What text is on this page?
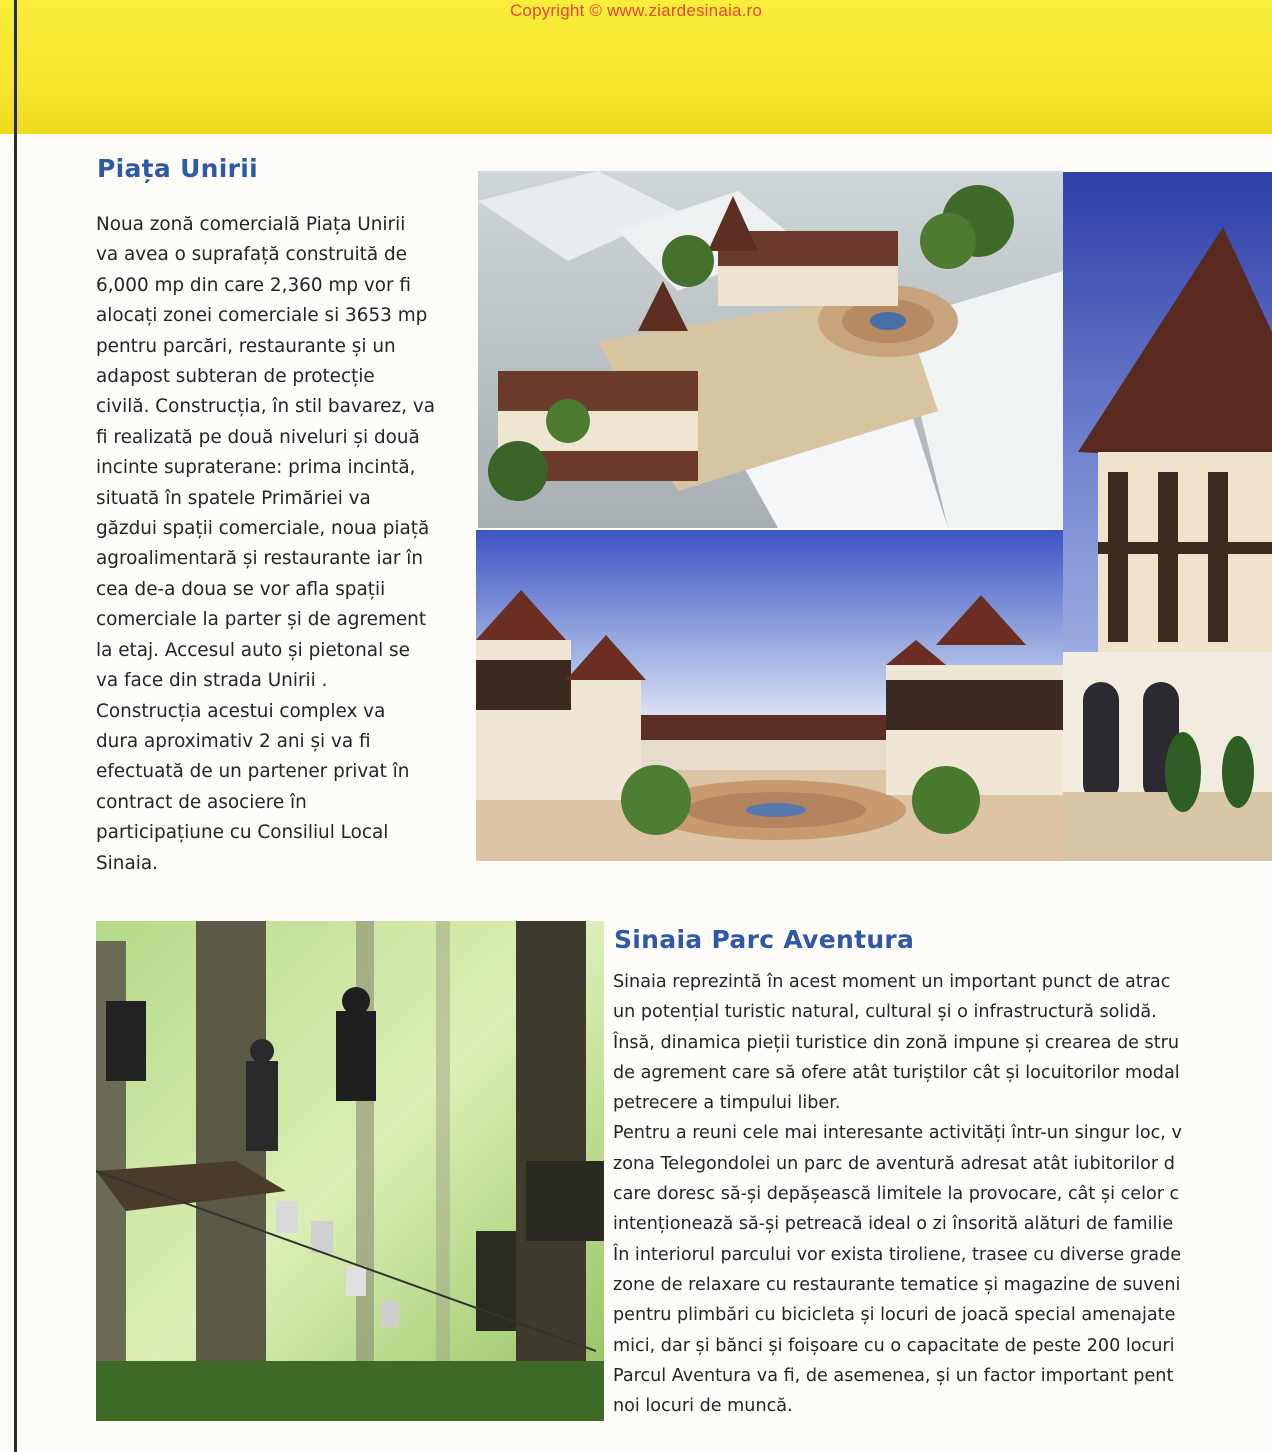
Copyright © www.ziardesinaia.ro
Piața Unirii

Noua zonă comercială Piața Unirii

va avea o suprafață construită de

6,000 mp din care 2,360 mp vor fi

alocați zonei comerciale si 3653 mp

pentru parcări, restaurante și un

adapost subteran de protecție

civilă. Construcția, în stil bavarez, va

fi realizată pe două niveluri și două

incinte supraterane: prima incintă,

situată în spatele Primăriei va

găzdui spații comerciale, noua piață

agroalimentară și restaurante iar în

cea de-a doua se vor afla spații

comerciale la parter și de agrement

la etaj. Accesul auto și pietonal se

va face din strada Unirii .

Construcția acestui complex va

dura aproximativ 2 ani și va fi

efectuată de un partener privat în

contract de asociere în

participațiune cu Consiliul Local

Sinaia.

Sinaia Parc Aventura

Sinaia reprezintă în acest moment un important punct de atrac

un potențial turistic natural, cultural și o infrastructură solidă.

Însă, dinamica pieții turistice din zonă impune și crearea de stru

de agrement care să ofere atât turiștilor cât și locuitorilor modal

petrecere a timpului liber.

Pentru a reuni cele mai interesante activități într-un singur loc, v

zona Telegondolei un parc de aventură adresat atât iubitorilor d

care doresc să-și depășească limitele la provocare, cât și celor c

intenționează să-și petreacă ideal o zi însorită alături de familie

În interiorul parcului vor exista tiroliene, trasee cu diverse grade

zone de relaxare cu restaurante tematice și magazine de suveni

pentru plimbări cu bicicleta și locuri de joacă special amenajate

mici, dar și bănci și foișoare cu o capacitate de peste 200 locuri

Parcul Aventura va fi, de asemenea, și un factor important pent

noi locuri de muncă.
